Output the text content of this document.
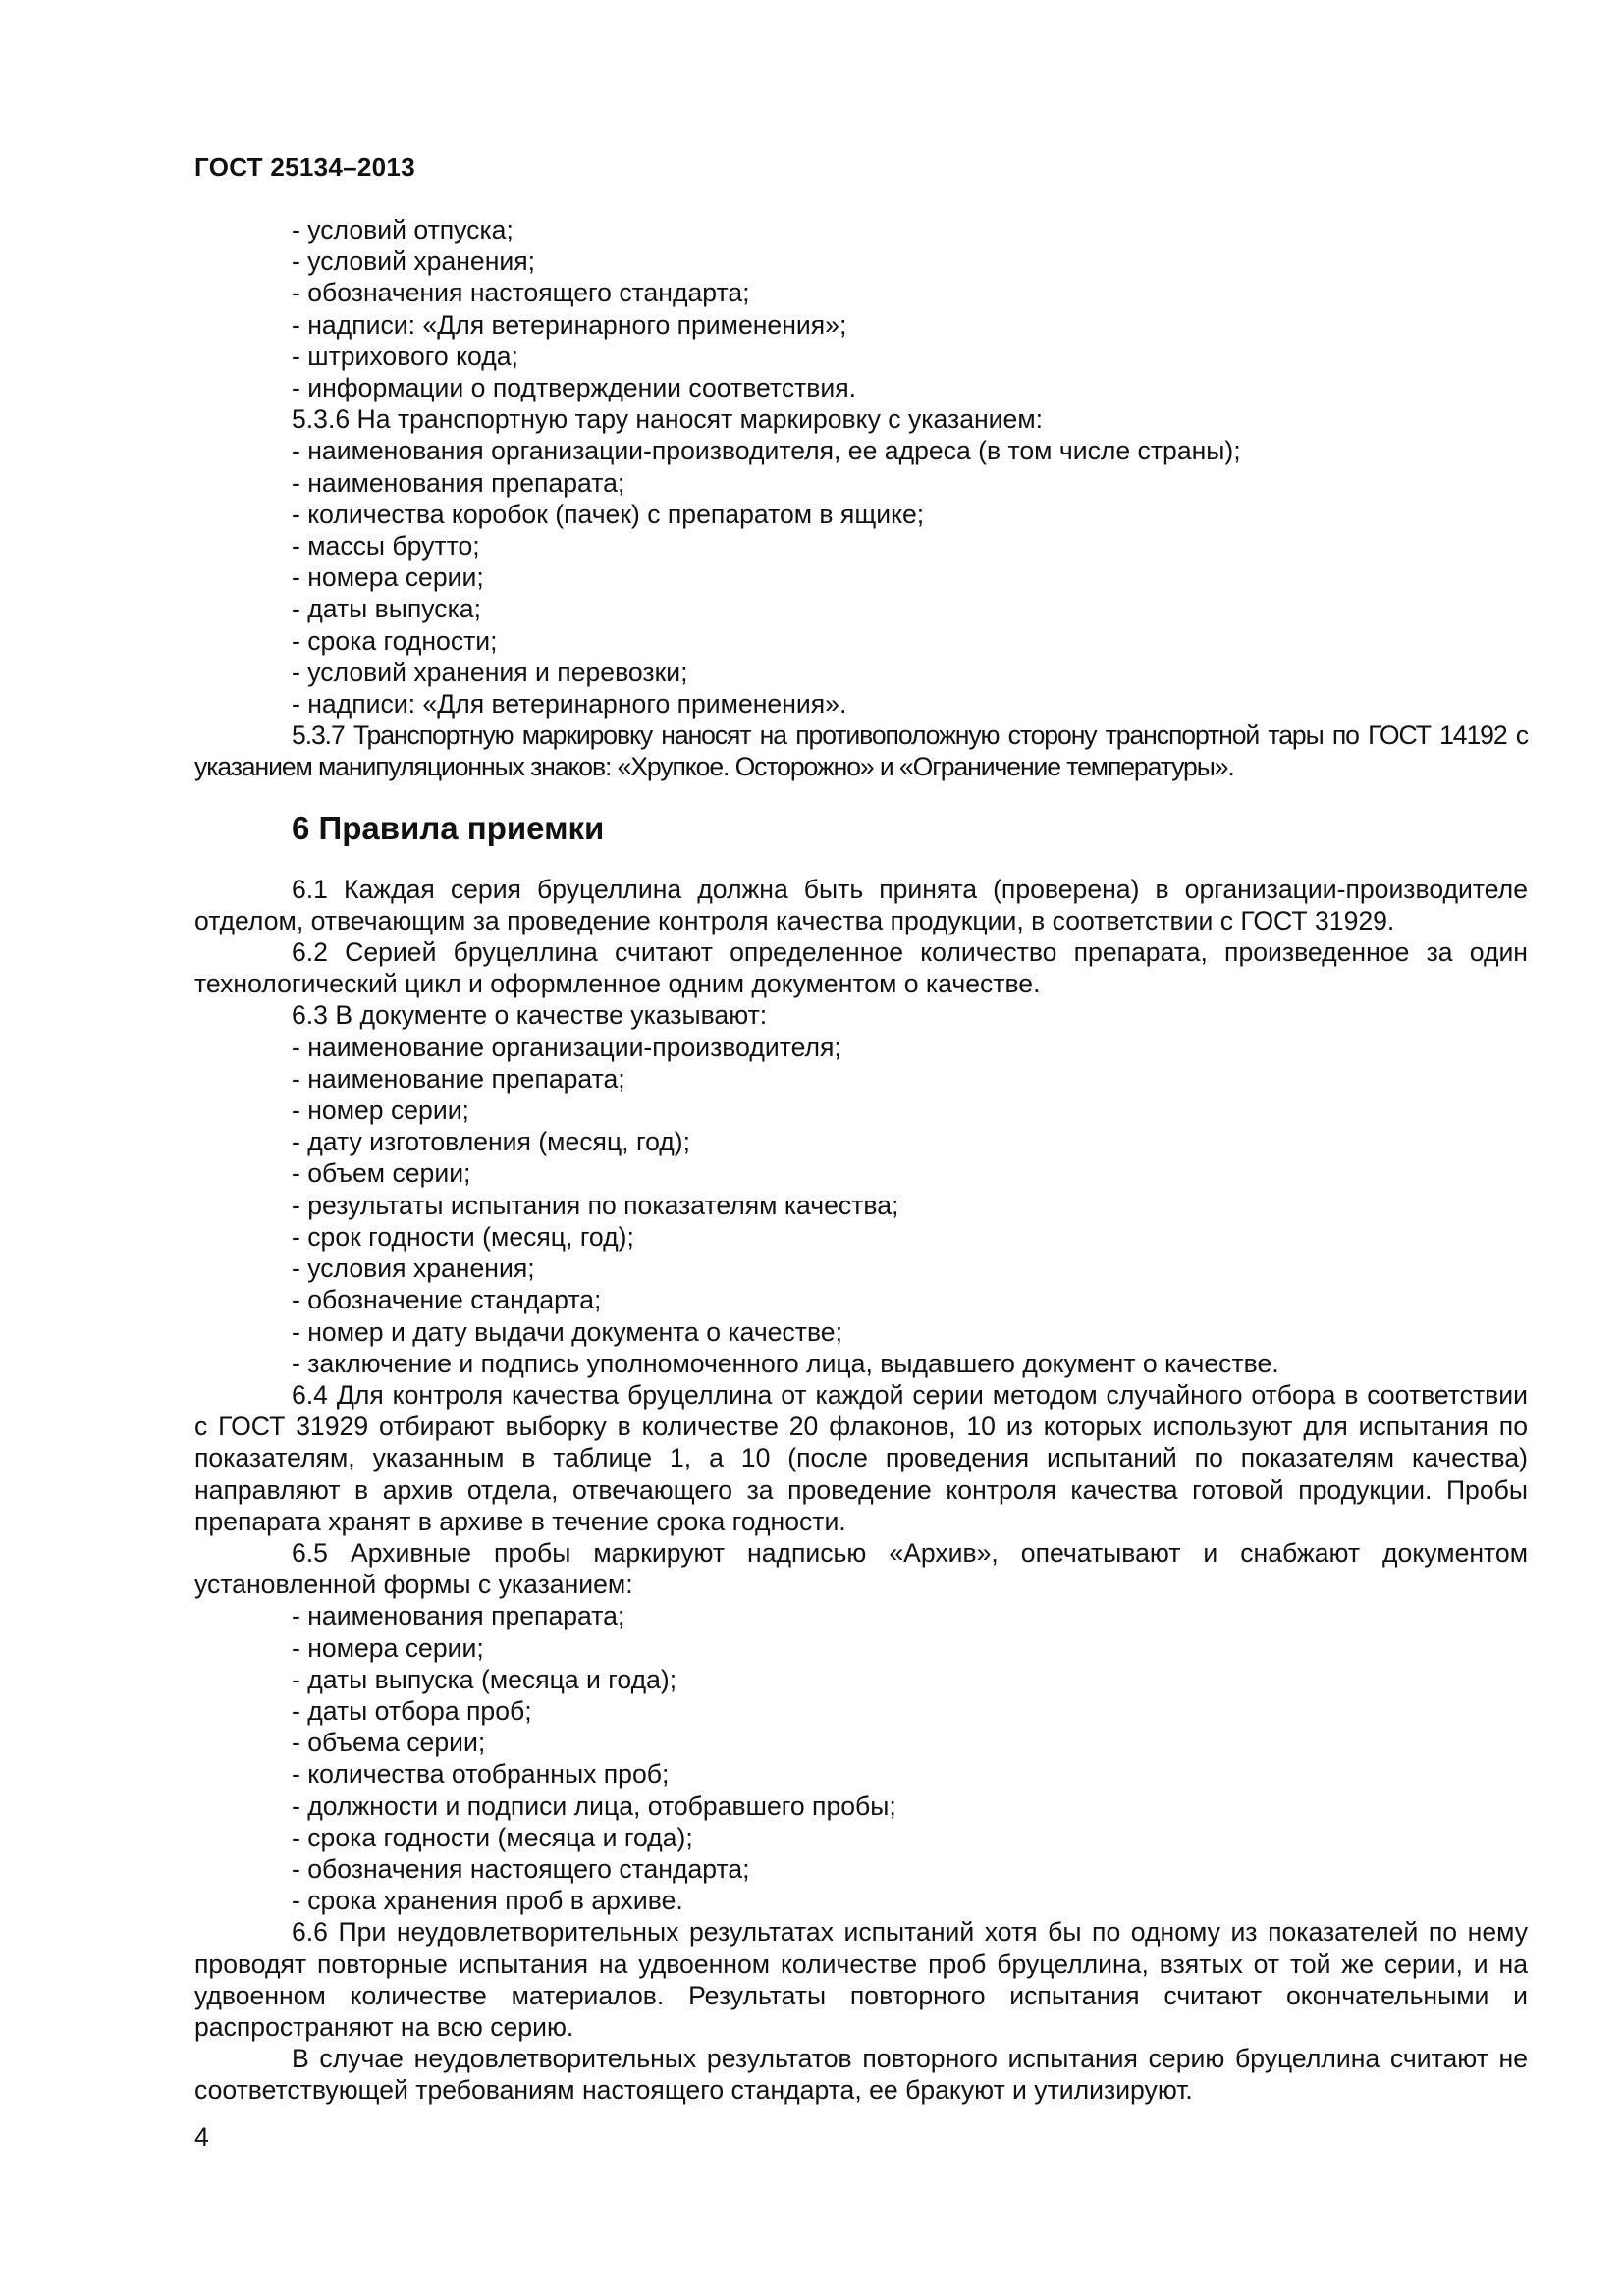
ГОСТ 25134–2013

- условий отпуска;

- условий хранения;

- обозначения настоящего стандарта;

- надписи: «Для ветеринарного применения»;

- штрихового кода;

- информации о подтверждении соответствия.

5.3.6 На транспортную тару наносят маркировку с указанием:

- наименования организации-производителя, ее адреса (в том числе страны);

- наименования препарата;

- количества коробок (пачек) с препаратом в ящике;

- массы брутто;

- номера серии;

- даты выпуска;

- срока годности;

- условий хранения и перевозки;

- надписи: «Для ветеринарного применения».

5.3.7 Транспортную маркировку наносят на противоположную сторону транспортной тары по ГОСТ 14192 с указанием манипуляционных знаков: «Хрупкое. Осторожно» и «Ограничение температуры».

6 Правила приемки

6.1 Каждая серия бруцеллина должна быть принята (проверена) в организации-производителе отделом, отвечающим за проведение контроля качества продукции, в соответствии с ГОСТ 31929.

6.2 Серией бруцеллина считают определенное количество препарата, произведенное за один технологический цикл и оформленное одним документом о качестве.

6.3 В документе о качестве указывают:

- наименование организации-производителя;

- наименование препарата;

- номер серии;

- дату изготовления (месяц, год);

- объем серии;

- результаты испытания по показателям качества;

- срок годности (месяц, год);

- условия хранения;

- обозначение стандарта;

- номер и дату выдачи документа о качестве;

- заключение и подпись уполномоченного лица, выдавшего документ о качестве.

6.4 Для контроля качества бруцеллина от каждой серии методом случайного отбора в соответствии с ГОСТ 31929 отбирают выборку в количестве 20 флаконов, 10 из которых используют для испытания по показателям, указанным в таблице 1, а 10 (после проведения испытаний по показателям качества) направляют в архив отдела, отвечающего за проведение контроля качества готовой продукции. Пробы препарата хранят в архиве в течение срока годности.

6.5 Архивные пробы маркируют надписью «Архив», опечатывают и снабжают документом установленной формы с указанием:

- наименования препарата;

- номера серии;

- даты выпуска (месяца и года);

- даты отбора проб;

- объема серии;

- количества отобранных проб;

- должности и подписи лица, отобравшего пробы;

- срока годности (месяца и года);

- обозначения настоящего стандарта;

- срока хранения проб в архиве.

6.6 При неудовлетворительных результатах испытаний хотя бы по одному из показателей по нему проводят повторные испытания на удвоенном количестве проб бруцеллина, взятых от той же серии, и на удвоенном количестве материалов. Результаты повторного испытания считают окончательными и распространяют на всю серию.

В случае неудовлетворительных результатов повторного испытания серию бруцеллина считают не соответствующей требованиям настоящего стандарта, ее бракуют и утилизируют.

4
